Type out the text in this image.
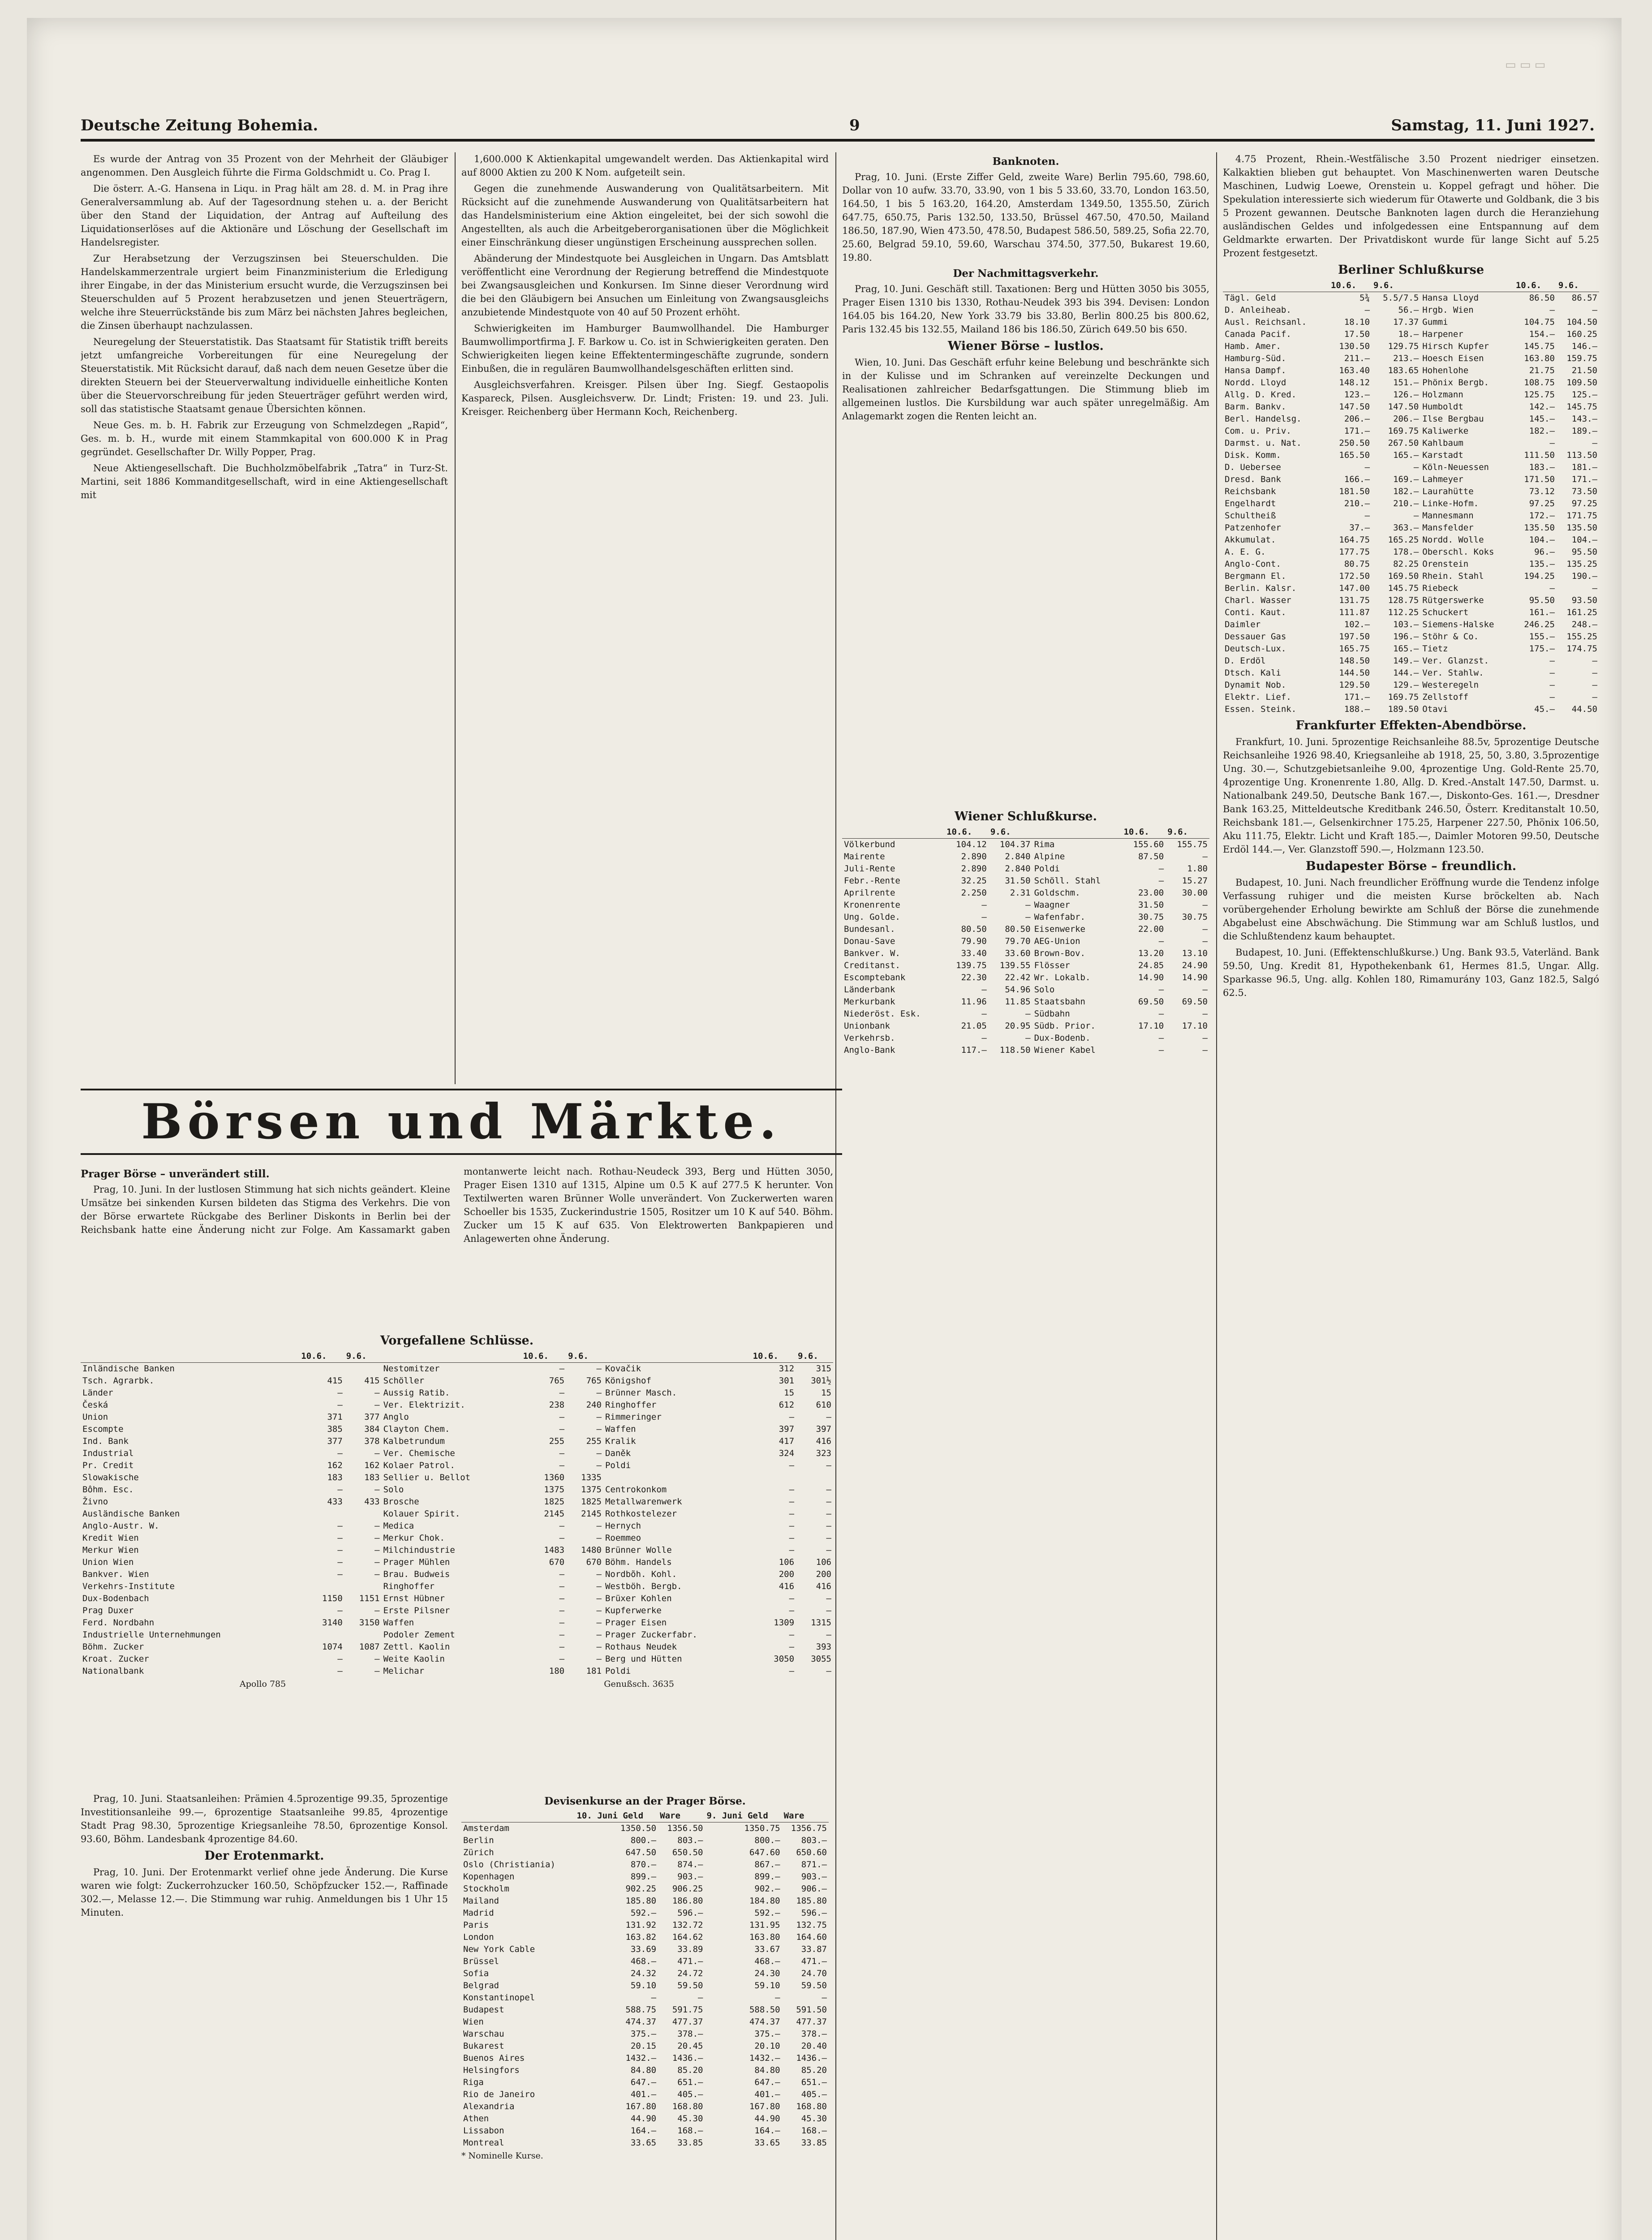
▭ ▭ ▭
Deutsche Zeitung Bohemia.	9	Samstag, 11. Juni 1927.

Es wurde der Antrag von 35 Prozent von der Mehrheit der Gläubiger angenommen. Den Ausgleich führte die Firma Goldschmidt u. Co. Prag I.

Die österr. A.-G. Hansena in Liqu. in Prag hält am 28. d. M. in Prag ihre Generalversammlung ab. Auf der Tagesordnung stehen u. a. der Bericht über den Stand der Liquidation, der Antrag auf Aufteilung des Liquidationserlöses auf die Aktionäre und Löschung der Gesellschaft im Handelsregister.

Zur Herabsetzung der Verzugszinsen bei Steuerschulden. Die Handelskammerzentrale urgiert beim Finanzministerium die Erledigung ihrer Eingabe, in der das Ministerium ersucht wurde, die Verzugszinsen bei Steuerschulden auf 5 Prozent herabzusetzen und jenen Steuerträgern, welche ihre Steuerrückstände bis zum März bei nächsten Jahres begleichen, die Zinsen überhaupt nachzulassen.

Neuregelung der Steuerstatistik. Das Staatsamt für Statistik trifft bereits jetzt umfangreiche Vorbereitungen für eine Neuregelung der Steuerstatistik. Mit Rücksicht darauf, daß nach dem neuen Gesetze über die direkten Steuern bei der Steuerverwaltung individuelle einheitliche Konten über die Steuervorschreibung für jeden Steuerträger geführt werden wird, soll das statistische Staatsamt genaue Übersichten können.

Neue Ges. m. b. H. Fabrik zur Erzeugung von Schmelzdegen „Rapid“, Ges. m. b. H., wurde mit einem Stammkapital von 600.000 K in Prag gegründet. Gesellschafter Dr. Willy Popper, Prag.

Neue Aktiengesellschaft. Die Buchholzmöbelfabrik „Tatra“ in Turz-St. Martini, seit 1886 Kommanditgesellschaft, wird in eine Aktiengesellschaft mit

1,600.000 K Aktienkapital umgewandelt werden. Das Aktienkapital wird auf 8000 Aktien zu 200 K Nom. aufgeteilt sein.

Gegen die zunehmende Auswanderung von Qualitätsarbeitern. Mit Rücksicht auf die zunehmende Auswanderung von Qualitätsarbeitern hat das Handelsministerium eine Aktion eingeleitet, bei der sich sowohl die Angestellten, als auch die Arbeitgeberorganisationen über die Möglichkeit einer Einschränkung dieser ungünstigen Erscheinung aussprechen sollen.

Abänderung der Mindestquote bei Ausgleichen in Ungarn. Das Amtsblatt veröffentlicht eine Verordnung der Regierung betreffend die Mindestquote bei Zwangsausgleichen und Konkursen. Im Sinne dieser Verordnung wird die bei den Gläubigern bei Ansuchen um Einleitung von Zwangsausgleichs anzubietende Mindestquote von 40 auf 50 Prozent erhöht.

Schwierigkeiten im Hamburger Baumwollhandel. Die Hamburger Baumwollimportfirma J. F. Barkow u. Co. ist in Schwierigkeiten geraten. Den Schwierigkeiten liegen keine Effektentermingeschäfte zugrunde, sondern Einbußen, die in regulären Baumwollhandelsgeschäften erlitten sind.

Ausgleichsverfahren. Kreisger. Pilsen über Ing. Siegf. Gestaopolis Kaspareck, Pilsen. Ausgleichsverw. Dr. Lindt; Fristen: 19. und 23. Juli. Kreisger. Reichenberg über Hermann Koch, Reichenberg.

Banknoten.

Prag, 10. Juni. (Erste Ziffer Geld, zweite Ware) Berlin 795.60, 798.60, Dollar von 10 aufw. 33.70, 33.90, von 1 bis 5 33.60, 33.70, London 163.50, 164.50, 1 bis 5 163.20, 164.20, Amsterdam 1349.50, 1355.50, Zürich 647.75, 650.75, Paris 132.50, 133.50, Brüssel 467.50, 470.50, Mailand 186.50, 187.90, Wien 473.50, 478.50, Budapest 586.50, 589.25, Sofia 22.70, 25.60, Belgrad 59.10, 59.60, Warschau 374.50, 377.50, Bukarest 19.60, 19.80.

Der Nachmittagsverkehr.

Prag, 10. Juni. Geschäft still. Taxationen: Berg und Hütten 3050 bis 3055, Prager Eisen 1310 bis 1330, Rothau-Neudek 393 bis 394. Devisen: London 164.05 bis 164.20, New York 33.79 bis 33.80, Berlin 800.25 bis 800.62, Paris 132.45 bis 132.55, Mailand 186 bis 186.50, Zürich 649.50 bis 650.

Wiener Börse – lustlos.

Wien, 10. Juni. Das Geschäft erfuhr keine Belebung und beschränkte sich in der Kulisse und im Schranken auf vereinzelte Deckungen und Realisationen zahlreicher Bedarfsgattungen. Die Stimmung blieb im allgemeinen lustlos. Die Kursbildung war auch später unregelmäßig. Am Anlagemarkt zogen die Renten leicht an.

Wiener Schlußkurse.
	10.6.	9.6.		10.6.	9.6.
Völkerbund	104.12	104.37	Rima	155.60	155.75
Mairente	2.890	2.840	Alpine	87.50	—
Juli-Rente	2.890	2.840	Poldi	—	1.80
Febr.-Rente	32.25	31.50	Schöll. Stahl	—	15.27
Aprilrente	2.250	2.31	Goldschm.	23.00	30.00
Kronenrente	—	—	Waagner	31.50	—
Ung. Golde.	—	—	Wafenfabr.	30.75	30.75
Bundesanl.	80.50	80.50	Eisenwerke	22.00	—
Donau-Save	79.90	79.70	AEG-Union	—	—
Bankver. W.	33.40	33.60	Brown-Bov.	13.20	13.10
Creditanst.	139.75	139.55	Flösser	24.85	24.90
Escomptebank	22.30	22.42	Wr. Lokalb.	14.90	14.90
Länderbank	—	54.96	Solo	—	—
Merkurbank	11.96	11.85	Staatsbahn	69.50	69.50
Niederöst. Esk.	—	—	Südbahn	—	—
Unionbank	21.05	20.95	Südb. Prior.	17.10	17.10
Verkehrsb.	—	—	Dux-Bodenb.	—	—
Anglo-Bank	117.—	118.50	Wiener Kabel	—	—

4.75 Prozent, Rhein.-Westfälische 3.50 Prozent niedriger einsetzen. Kalkaktien blieben gut behauptet. Von Maschinenwerten waren Deutsche Maschinen, Ludwig Loewe, Orenstein u. Koppel gefragt und höher. Die Spekulation interessierte sich wiederum für Otawerte und Goldbank, die 3 bis 5 Prozent gewannen. Deutsche Banknoten lagen durch die Heranziehung ausländischen Geldes und infolgedessen eine Entspannung auf dem Geldmarkte erwarten. Der Privatdiskont wurde für lange Sicht auf 5.25 Prozent festgesetzt.

Berliner Schlußkurse
	10.6.	9.6.		10.6.	9.6.
Tägl. Geld	5¾	5.5/7.5	Hansa Lloyd	86.50	86.57
D. Anleiheab.	—	56.—	Hrgb. Wien	—	—
Ausl. Reichsanl.	18.10	17.37	Gummi	104.75	104.50
Canada Pacif.	17.50	18.—	Harpener	154.—	160.25
Hamb. Amer.	130.50	129.75	Hirsch Kupfer	145.75	146.—
Hamburg-Süd.	211.—	213.—	Hoesch Eisen	163.80	159.75
Hansa Dampf.	163.40	183.65	Hohenlohe	21.75	21.50
Nordd. Lloyd	148.12	151.—	Phönix Bergb.	108.75	109.50
Allg. D. Kred.	123.—	126.—	Holzmann	125.75	125.—
Barm. Bankv.	147.50	147.50	Humboldt	142.—	145.75
Berl. Handelsg.	206.—	206.—	Ilse Bergbau	145.—	143.—
Com. u. Priv.	171.—	169.75	Kaliwerke	182.—	189.—
Darmst. u. Nat.	250.50	267.50	Kahlbaum	—	—
Disk. Komm.	165.50	165.—	Karstadt	111.50	113.50
D. Uebersee	—	—	Köln-Neuessen	183.—	181.—
Dresd. Bank	166.—	169.—	Lahmeyer	171.50	171.—
Reichsbank	181.50	182.—	Laurahütte	73.12	73.50
Engelhardt	210.—	210.—	Linke-Hofm.	97.25	97.25
Schultheiß	—	—	Mannesmann	172.—	171.75
Patzenhofer	37.—	363.—	Mansfelder	135.50	135.50
Akkumulat.	164.75	165.25	Nordd. Wolle	104.—	104.—
A. E. G.	177.75	178.—	Oberschl. Koks	96.—	95.50
Anglo-Cont.	80.75	82.25	Orenstein	135.—	135.25
Bergmann El.	172.50	169.50	Rhein. Stahl	194.25	190.—
Berlin. Kalsr.	147.00	145.75	Riebeck	—	—
Charl. Wasser	131.75	128.75	Rütgerswerke	95.50	93.50
Conti. Kaut.	111.87	112.25	Schuckert	161.—	161.25
Daimler	102.—	103.—	Siemens-Halske	246.25	248.—
Dessauer Gas	197.50	196.—	Stöhr & Co.	155.—	155.25
Deutsch-Lux.	165.75	165.—	Tietz	175.—	174.75
D. Erdöl	148.50	149.—	Ver. Glanzst.	—	—
Dtsch. Kali	144.50	144.—	Ver. Stahlw.	—	—
Dynamit Nob.	129.50	129.—	Westeregeln	—	—
Elektr. Lief.	171.—	169.75	Zellstoff	—	—
Essen. Steink.	188.—	189.50	Otavi	45.—	44.50
Frankfurter Effekten-Abendbörse.

Frankfurt, 10. Juni. 5prozentige Reichsanleihe 88.5v, 5prozentige Deutsche Reichsanleihe 1926 98.40, Kriegsanleihe ab 1918, 25, 50, 3.80, 3.5prozentige Ung. 30.—, Schutzgebietsanleihe 9.00, 4prozentige Ung. Gold-Rente 25.70, 4prozentige Ung. Kronenrente 1.80, Allg. D. Kred.-Anstalt 147.50, Darmst. u. Nationalbank 249.50, Deutsche Bank 167.—, Diskonto-Ges. 161.—, Dresdner Bank 163.25, Mitteldeutsche Kreditbank 246.50, Österr. Kreditanstalt 10.50, Reichsbank 181.—, Gelsenkirchner 175.25, Harpener 227.50, Phönix 106.50, Aku 111.75, Elektr. Licht und Kraft 185.—, Daimler Motoren 99.50, Deutsche Erdöl 144.—, Ver. Glanzstoff 590.—, Holzmann 123.50.

Budapester Börse – freundlich.

Budapest, 10. Juni. Nach freundlicher Eröffnung wurde die Tendenz infolge Verfassung ruhiger und die meisten Kurse bröckelten ab. Nach vorübergehender Erholung bewirkte am Schluß der Börse die zunehmende Abgabelust eine Abschwächung. Die Stimmung war am Schluß lustlos, und die Schlußtendenz kaum behauptet.

Budapest, 10. Juni. (Effektenschlußkurse.) Ung. Bank 93.5, Vaterländ. Bank 59.50, Ung. Kredit 81, Hypothekenbank 61, Hermes 81.5, Ungar. Allg. Sparkasse 96.5, Ung. allg. Kohlen 180, Rimamurány 103, Ganz 182.5, Salgó 62.5.

Börsen und Märkte.
Prager Börse – unverändert still.

Prag, 10. Juni. In der lustlosen Stimmung hat sich nichts geändert. Kleine Umsätze bei sinkenden Kursen bildeten das Stigma des Verkehrs. Die von der Börse erwartete Rückgabe des Berliner Diskonts in Berlin bei der Reichsbank hatte eine Änderung nicht zur Folge. Am Kassamarkt gaben montanwerte leicht nach. Rothau-Neudeck 393, Berg und Hütten 3050, Prager Eisen 1310 auf 1315, Alpine um 0.5 K auf 277.5 K herunter. Von Textilwerten waren Brünner Wolle unverändert. Von Zuckerwerten waren Schoeller bis 1535, Zuckerindustrie 1505, Rositzer um 10 K auf 540. Böhm. Zucker um 15 K auf 635. Von Elektrowerten Bankpapieren und Anlagewerten ohne Änderung.

Vorgefallene Schlüsse.
	10.6.	9.6.		10.6.	9.6.		10.6.	9.6.
Inländische Banken			Nestomitzer	—	—	Kovačik	312	315
Tsch. Agrarbk.	415	415	Schöller	765	765	Königshof	301	301½
Länder	—	—	Aussig Ratib.	—	—	Brünner Masch.	15	15
Česká	—	—	Ver. Elektrizit.	238	240	Ringhoffer	612	610
Union	371	377	Anglo	—	—	Rimmeringer	—	—
Escompte	385	384	Clayton Chem.	—	—	Waffen	397	397
Ind. Bank	377	378	Kalbetrundum	255	255	Kralik	417	416
Industrial	—	—	Ver. Chemische	—	—	Daněk	324	323
Pr. Credit	162	162	Kolaer Patrol.	—	—	Poldi	—	—
Slowakische	183	183	Sellier u. Bellot	1360	1335			
Bôhm. Esc.	—	—	Solo	1375	1375	Centrokonkom	—	—
Živno	433	433	Brosche	1825	1825	Metallwarenwerk	—	—
Ausländische Banken			Kolauer Spirit.	2145	2145	Rothkostelezer	—	—
Anglo-Austr. W.	—	—	Medica	—	—	Hernych	—	—
Kredit Wien	—	—	Merkur Chok.	—	—	Roemmeo	—	—
Merkur Wien	—	—	Milchindustrie	1483	1480	Brünner Wolle	—	—
Union Wien	—	—	Prager Mühlen	670	670	Böhm. Handels	106	106
Bankver. Wien	—	—	Brau. Budweis	—	—	Nordbõh. Kohl.	200	200
Verkehrs-Institute			Ringhoffer	—	—	Westböh. Bergb.	416	416
Dux-Bodenbach	1150	1151	Ernst Hübner	—	—	Brüxer Kohlen	—	—
Prag Duxer	—	—	Erste Pilsner	—	—	Kupferwerke	—	—
Ferd. Nordbahn	3140	3150	Waffen	—	—	Prager Eisen	1309	1315
Industrielle Unternehmungen			Podoler Zement	—	—	Prager Zuckerfabr.	—	—
Böhm. Zucker	1074	1087	Zettl. Kaolin	—	—	Rothaus Neudek	—	393
Kroat. Zucker	—	—	Weite Kaolin	—	—	Berg und Hütten	3050	3055
Nationalbank	—	—	Melichar	180	181	Poldi	—	—
Apollo 785	Genußsch. 3635

Prag, 10. Juni. Staatsanleihen: Prämien 4.5prozentige 99.35, 5prozentige Investitionsanleihe 99.—, 6prozentige Staatsanleihe 99.85, 4prozentige Stadt Prag 98.30, 5prozentige Kriegsanleihe 78.50, 6prozentige Konsol. 93.60, Böhm. Landesbank 4prozentige 84.60.

Der Erotenmarkt.

Prag, 10. Juni. Der Erotenmarkt verlief ohne jede Änderung. Die Kurse waren wie folgt: Zuckerrohzucker 160.50, Schöpfzucker 152.—, Raffinade 302.—, Melasse 12.—. Die Stimmung war ruhig. Anmeldungen bis 1 Uhr 15 Minuten.

Devisenkurse an der Prager Börse.
	10. Juni Geld	Ware	9. Juni Geld	Ware
Amsterdam	1350.50	1356.50	1350.75	1356.75
Berlin	800.—	803.—	800.—	803.—
Zürich	647.50	650.50	647.60	650.60
Oslo (Christiania)	870.—	874.—	867.—	871.—
Kopenhagen	899.—	903.—	899.—	903.—
Stockholm	902.25	906.25	902.—	906.—
Mailand	185.80	186.80	184.80	185.80
Madrid	592.—	596.—	592.—	596.—
Paris	131.92	132.72	131.95	132.75
London	163.82	164.62	163.80	164.60
New York Cable	33.69	33.89	33.67	33.87
Brüssel	468.—	471.—	468.—	471.—
Sofia	24.32	24.72	24.30	24.70
Belgrad	59.10	59.50	59.10	59.50
Konstantinopel	—	—	—	—
Budapest	588.75	591.75	588.50	591.50
Wien	474.37	477.37	474.37	477.37
Warschau	375.—	378.—	375.—	378.—
Bukarest	20.15	20.45	20.10	20.40
Buenos Aires	1432.—	1436.—	1432.—	1436.—
Helsingfors	84.80	85.20	84.80	85.20
Riga	647.—	651.—	647.—	651.—
Rio de Janeiro	401.—	405.—	401.—	405.—
Alexandria	167.80	168.80	167.80	168.80
Athen	44.90	45.30	44.90	45.30
Lissabon	164.—	168.—	164.—	168.—
Montreal	33.65	33.85	33.65	33.85
* Nominelle Kurse.
